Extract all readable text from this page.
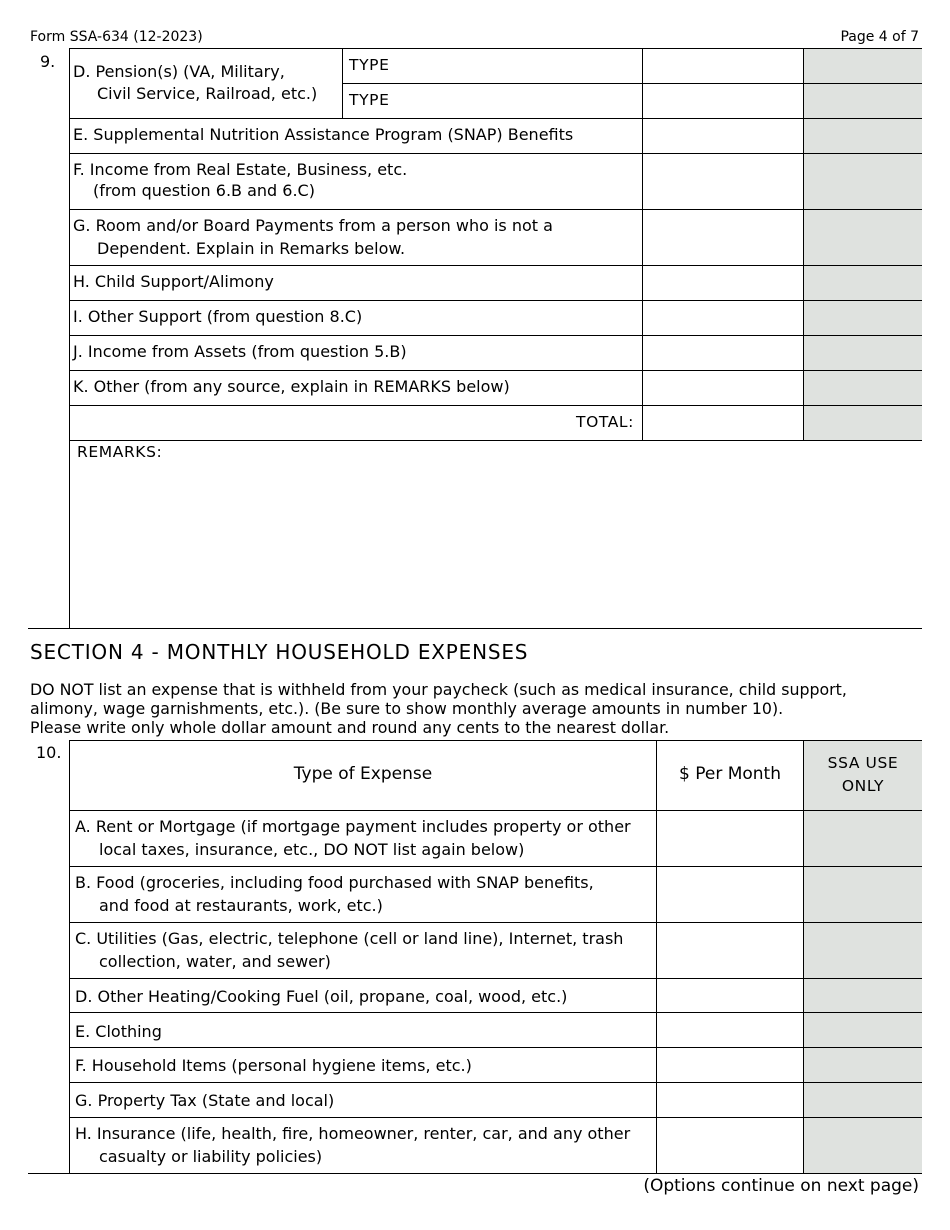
Form SSA-634 (12-2023)	Page 4 of 7
9.
D. Pension(s) (VA, Military,
Civil Service, Railroad, etc.)
TYPE
TYPE
E. Supplemental Nutrition Assistance Program (SNAP) Benefits
F. Income from Real Estate, Business, etc.
(from question 6.B and 6.C)
G. Room and/or Board Payments from a person who is not a
Dependent. Explain in Remarks below.
H. Child Support/Alimony
I. Other Support (from question 8.C)
J. Income from Assets (from question 5.B)
K. Other (from any source, explain in REMARKS below)
TOTAL:
REMARKS:
SECTION 4 - MONTHLY HOUSEHOLD EXPENSES
DO NOT list an expense that is withheld from your paycheck (such as medical insurance, child support,
alimony, wage garnishments, etc.). (Be sure to show monthly average amounts in number 10).
Please write only whole dollar amount and round any cents to the nearest dollar.
10.
Type of Expense	$ Per Month
SSA USE
ONLY
A. Rent or Mortgage (if mortgage payment includes property or other
local taxes, insurance, etc., DO NOT list again below)
B. Food (groceries, including food purchased with SNAP benefits,
and food at restaurants, work, etc.)
C. Utilities (Gas, electric, telephone (cell or land line), Internet, trash
collection, water, and sewer)
D. Other Heating/Cooking Fuel (oil, propane, coal, wood, etc.)
E. Clothing
F. Household Items (personal hygiene items, etc.)
G. Property Tax (State and local)
H. Insurance (life, health, fire, homeowner, renter, car, and any other
casualty or liability policies)
(Options continue on next page)
